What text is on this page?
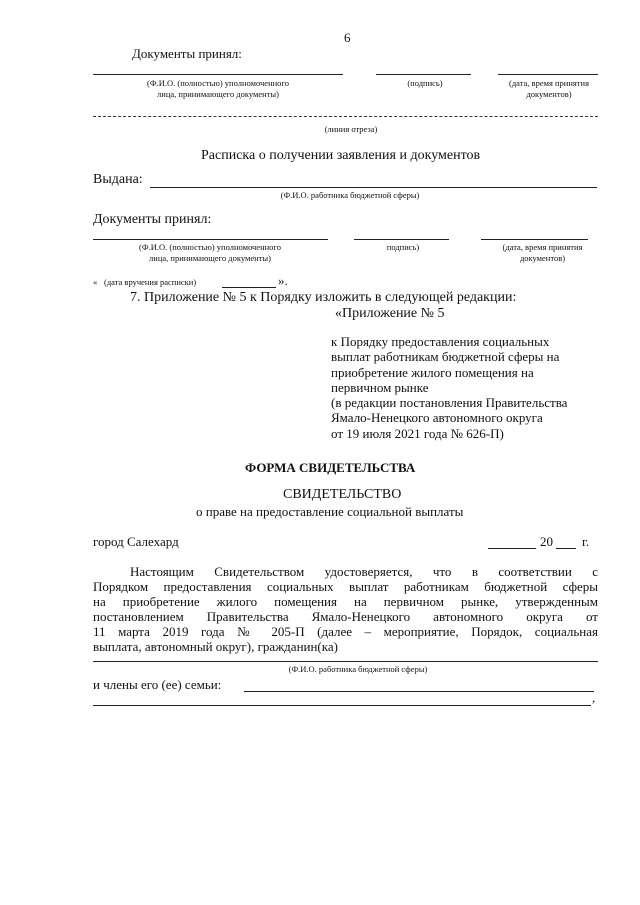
6
Документы принял:
(Ф.И.О. (полностью) уполномоченного
лица, принимающего документы)
(подпись)	(дата, время принятия
документов)
(линия отреза)
Расписка о получении заявления и документов
Выдана:
(Ф.И.О. работника бюджетной сферы)
Документы принял:
(Ф.И.О. (полностью) уполномоченного
лица, принимающего документы)
подпись)	(дата, время принятия
документов)
« (дата вручения расписки)	».
7. Приложение № 5 к Порядку изложить в следующей редакции:
«Приложение № 5
к Порядку предоставления социальных
выплат работникам бюджетной сферы на
приобретение жилого помещения на
первичном рынке
(в редакции постановления Правительства
Ямало-Ненецкого автономного округа
от 19 июля 2021 года № 626-П)
ФОРМА СВИДЕТЕЛЬСТВА
СВИДЕТЕЛЬСТВО
о праве на предоставление социальной выплаты
город Салехард	20 г.
Настоящим Свидетельством удостоверяется, что в соответствии с
Порядком предоставления социальных выплат работникам бюджетной сферы
на приобретение жилого помещения на первичном рынке, утвержденным
постановлением Правительства Ямало-Ненецкого автономного округа от
11 марта 2019 года № 205-П (далее – мероприятие, Порядок, социальная
выплата, автономный округ), гражданин(ка)
(Ф.И.О. работника бюджетной сферы)
и члены его (ее) семьи:
,
